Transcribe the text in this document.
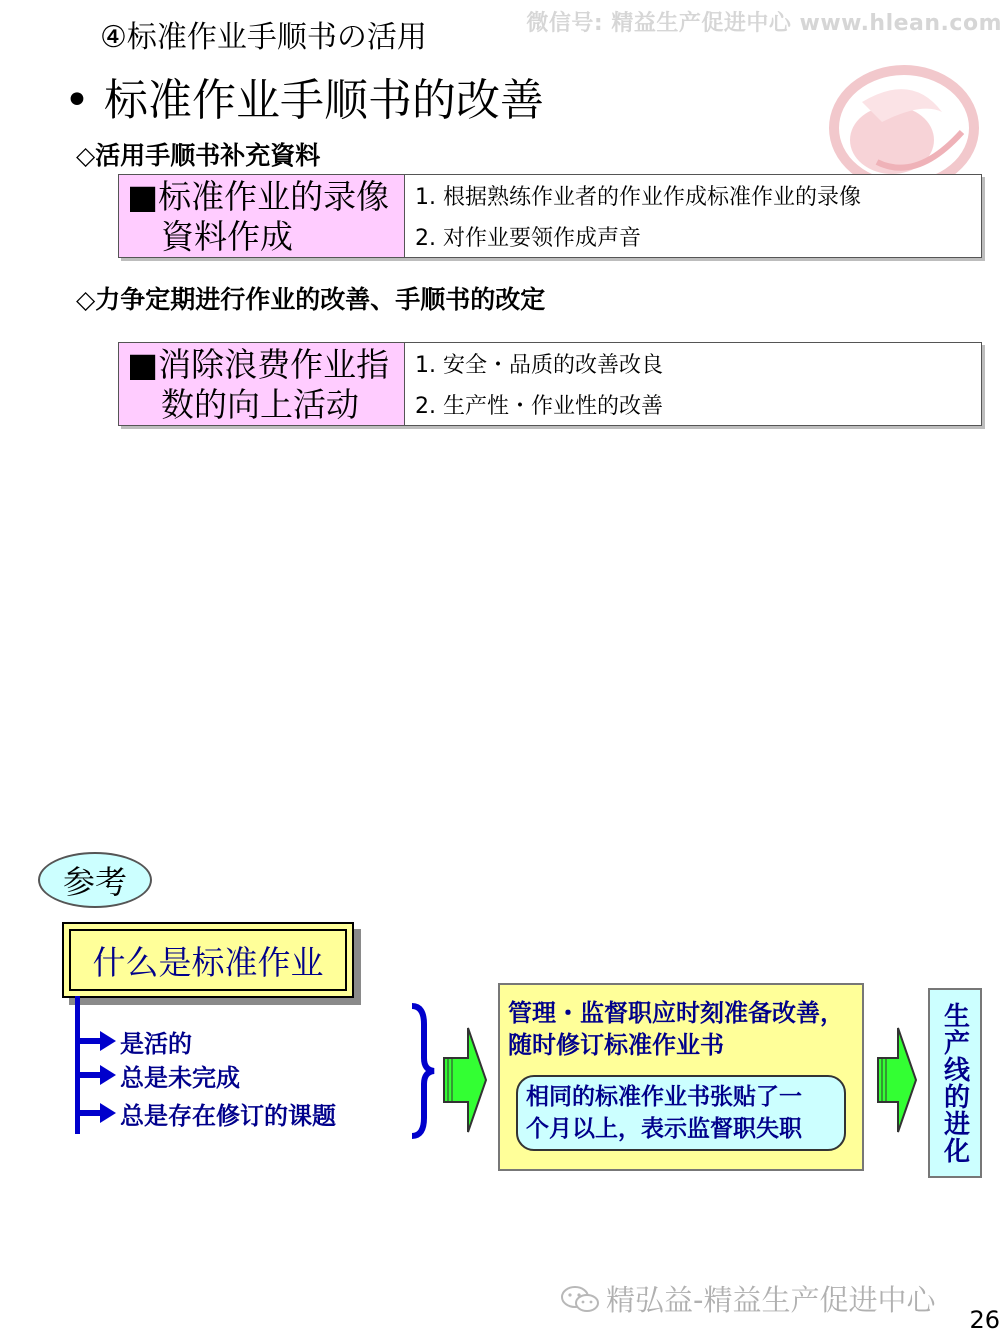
④标准作业手顺书の活用	微信号: 精益生产促进中心 www.hlean.com
• 标准作业手顺书的改善
◇活用手顺书补充資料
■标准作业的录像
資料作成
1. 根据熟练作业者的作业作成标准作业的录像
2. 对作业要领作成声音
◇力争定期进行作业的改善、手顺书的改定
■消除浪费作业指
数的向上活动
1. 安全・品质的改善改良
2. 生产性・作业性的改善
参考
什么是标准作业
是活的
总是未完成
总是存在修订的课题
管理・监督职应时刻准备改善，
随时修订标准作业书
相同的标准作业书张贴了一
个月以上，表示监督职失职	生产线的进化
精弘益-精益生产促进中心
26
